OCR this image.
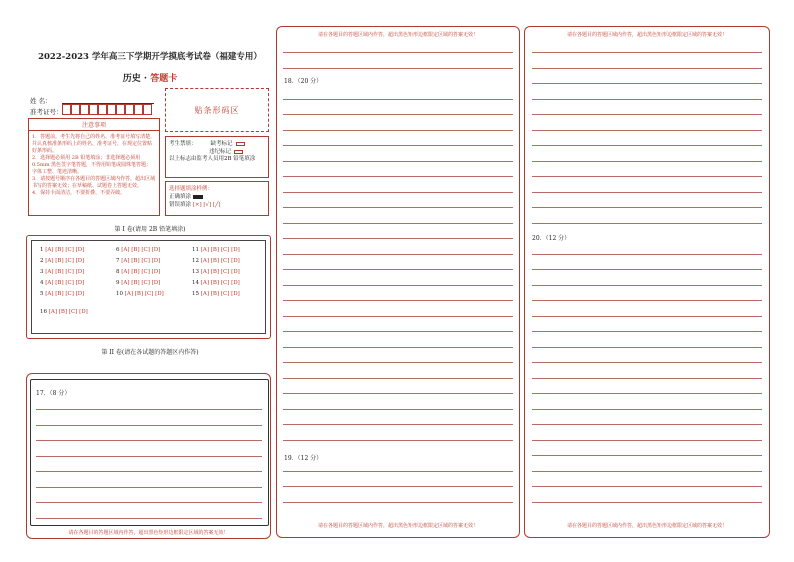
2022-2023 学年高三下学期开学摸底考试卷（福建专用）
历史 · 答题卡
姓 名：
准考证号：	贴条形码区
注意事项
1．答题前，考生先将自己的姓名、准考证号填写清楚，并认真核准条形码上的姓名、准考证号，在规定位置贴好条形码。
2．选择题必须用 2B 铅笔填涂；非选择题必须用 0.5mm 黑色签字笔答题，不得用铅笔或圆珠笔答题；字体工整、笔迹清晰。
3．请按题号顺序在各题目的答题区域内作答，超出区域书写的答案无效；在草稿纸、试题卷上答题无效。
4．保持卡面清洁，不要折叠、不要弄破。
考生禁填：	缺考标记
违纪标记
以上标志由监考人员用2B 铅笔填涂
选择题填涂样例：
正确填涂
错误填涂 [×] [√] [╱]
第 I 卷(请用 2B 铅笔填涂)
1 [A] [B] [C] [D]
2 [A] [B] [C] [D]
3 [A] [B] [C] [D]
4 [A] [B] [C] [D]
5 [A] [B] [C] [D]
6 [A] [B] [C] [D]
7 [A] [B] [C] [D]
8 [A] [B] [C] [D]
9 [A] [B] [C] [D]
10 [A] [B] [C] [D]
11 [A] [B] [C] [D]
12 [A] [B] [C] [D]
13 [A] [B] [C] [D]
14 [A] [B] [C] [D]
15 [A] [B] [C] [D]
16 [A] [B] [C] [D]
第 II 卷(请在各试题的答题区内作答)
17．（8 分）
请在各题目的答题区域内作答，超出黑色矩形边框限定区域的答案无效！
请在各题目的答题区域内作答，超出黑色矩形边框限定区域的答案无效！
18．（20 分）
19．（12 分）
请在各题目的答题区域内作答，超出黑色矩形边框限定区域的答案无效！
请在各题目的答题区域内作答，超出黑色矩形边框限定区域的答案无效！
20．（12 分）
请在各题目的答题区域内作答，超出黑色矩形边框限定区域的答案无效！
